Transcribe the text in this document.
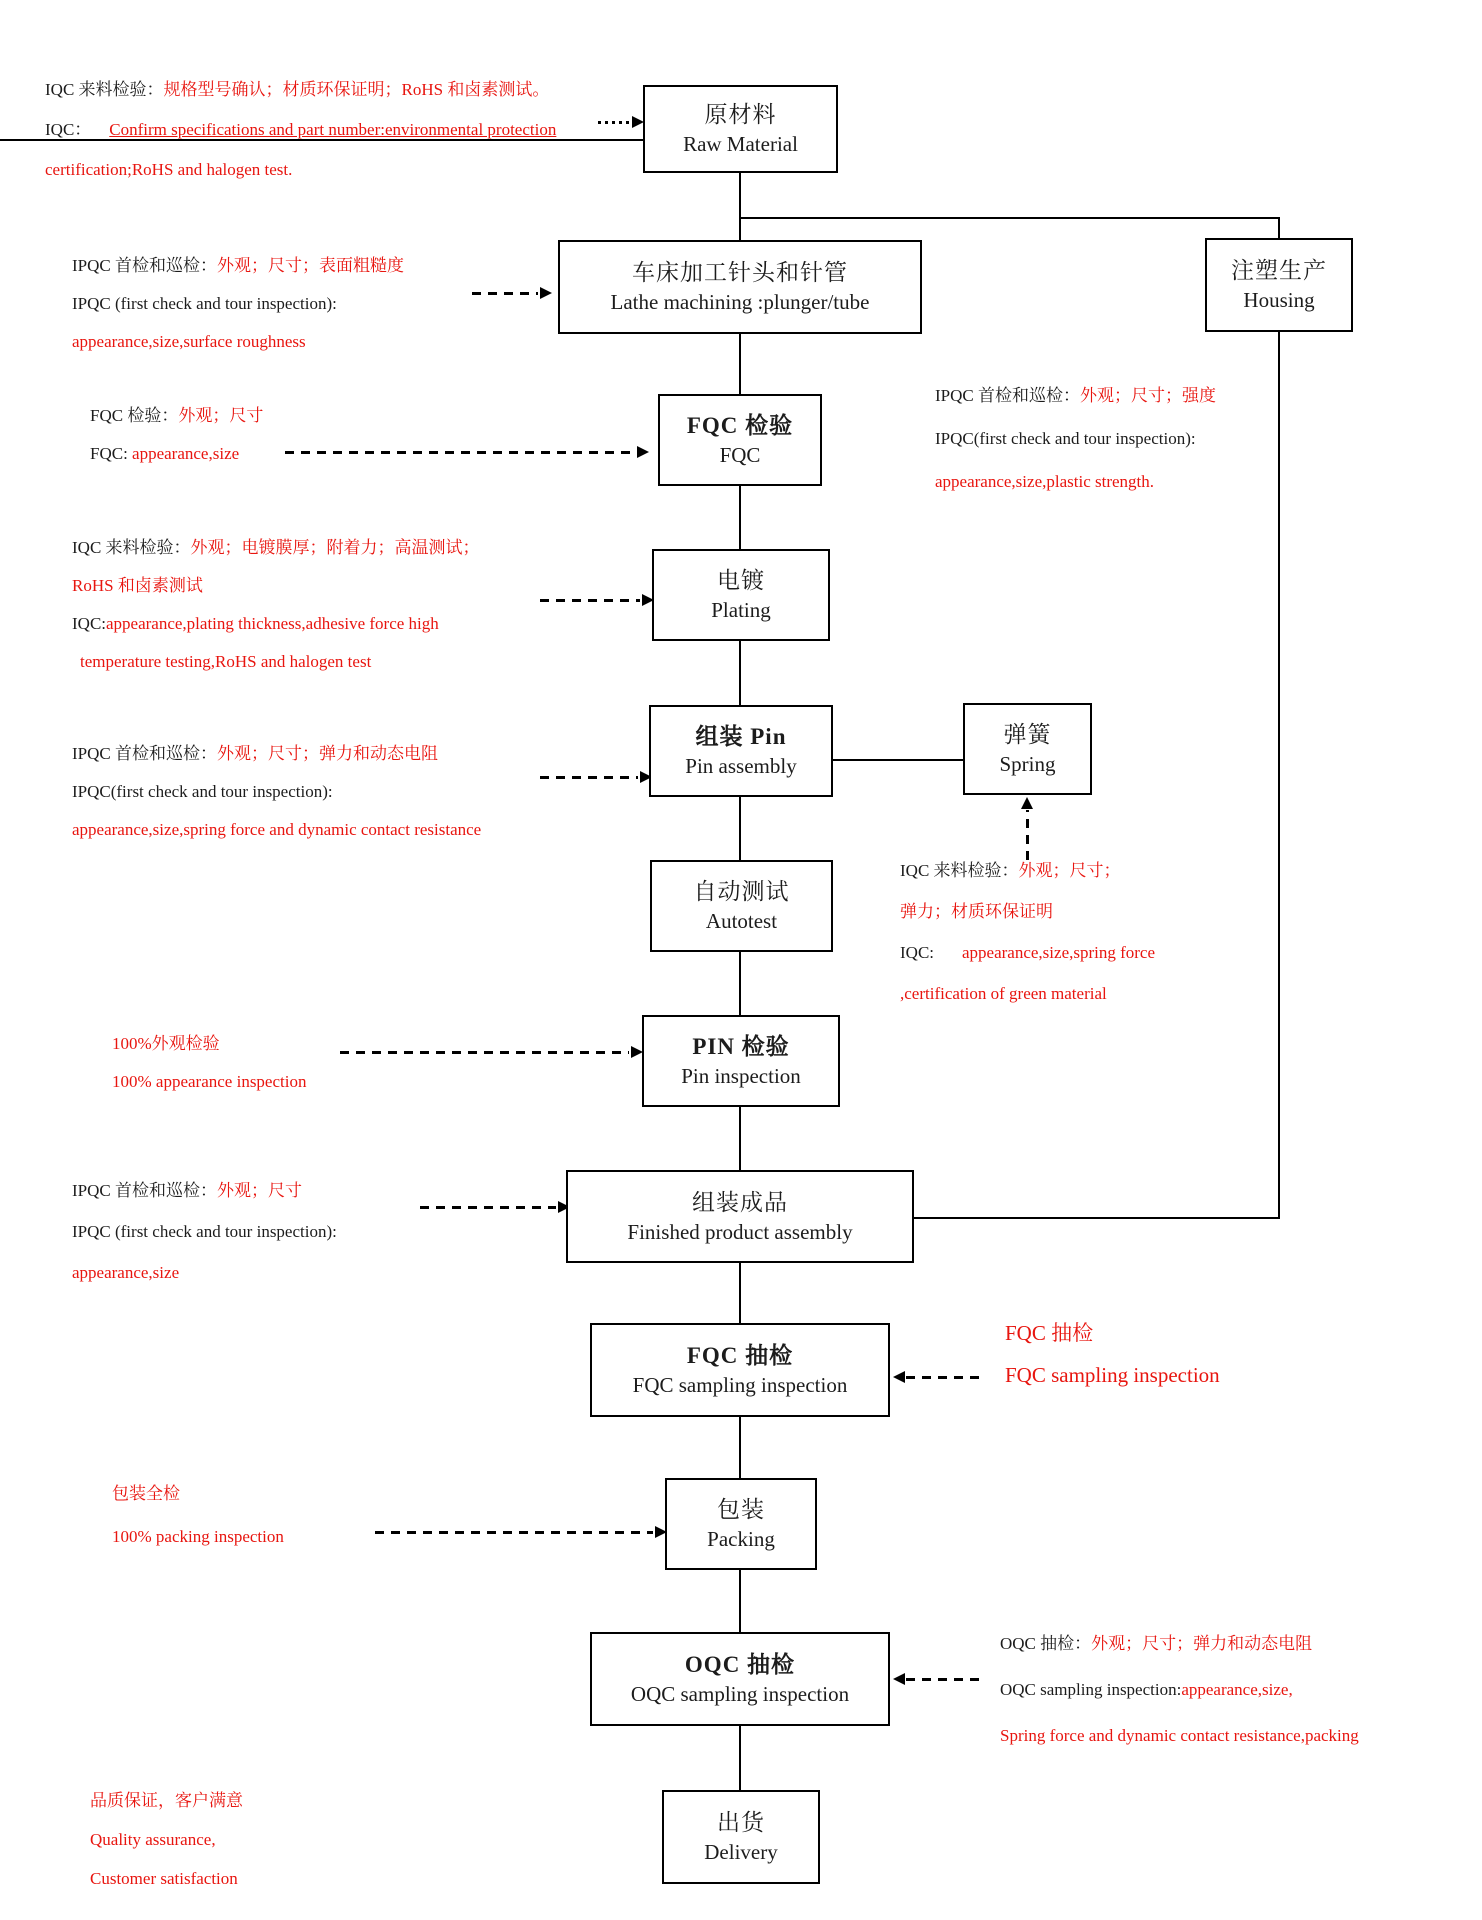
原材料
Raw Material
车床加工针头和针管
Lathe machining :plunger/tube
FQC 检验
FQC
电镀
Plating
组装 Pin
Pin assembly
自动测试
Autotest
PIN 检验
Pin inspection
组装成品
Finished product assembly
FQC 抽检
FQC sampling inspection
包装
Packing
OQC 抽检
OQC sampling inspection
出货
Delivery
注塑生产
Housing
弹簧
Spring
IQC 来料检验：规格型号确认；材质环保证明；RoHS 和卤素测试。
IQC： Confirm specifications and part number:environmental protection
certification;RoHS and halogen test.
IPQC 首检和巡检：外观；尺寸；表面粗糙度
IPQC (first check and tour inspection):
appearance,size,surface roughness
FQC 检验：外观；尺寸
FQC: appearance,size
IQC 来料检验：外观；电镀膜厚；附着力；高温测试；
RoHS 和卤素测试
IQC:appearance,plating thickness,adhesive force high
temperature testing,RoHS and halogen test
IPQC 首检和巡检：外观；尺寸；弹力和动态电阻
IPQC(first check and tour inspection):
appearance,size,spring force and dynamic contact resistance
100%外观检验
100% appearance inspection
IPQC 首检和巡检：外观；尺寸
IPQC (first check and tour inspection):
appearance,size
包装全检
100% packing inspection
品质保证，客户满意
Quality assurance,
Customer satisfaction
IPQC 首检和巡检：外观；尺寸；强度
IPQC(first check and tour inspection):
appearance,size,plastic strength.
IQC 来料检验：外观；尺寸；
弹力；材质环保证明
IQC: appearance,size,spring force
,certification of green material
FQC 抽检
FQC sampling inspection
OQC 抽检：外观；尺寸；弹力和动态电阻
OQC sampling inspection:appearance,size,
Spring force and dynamic contact resistance,packing
